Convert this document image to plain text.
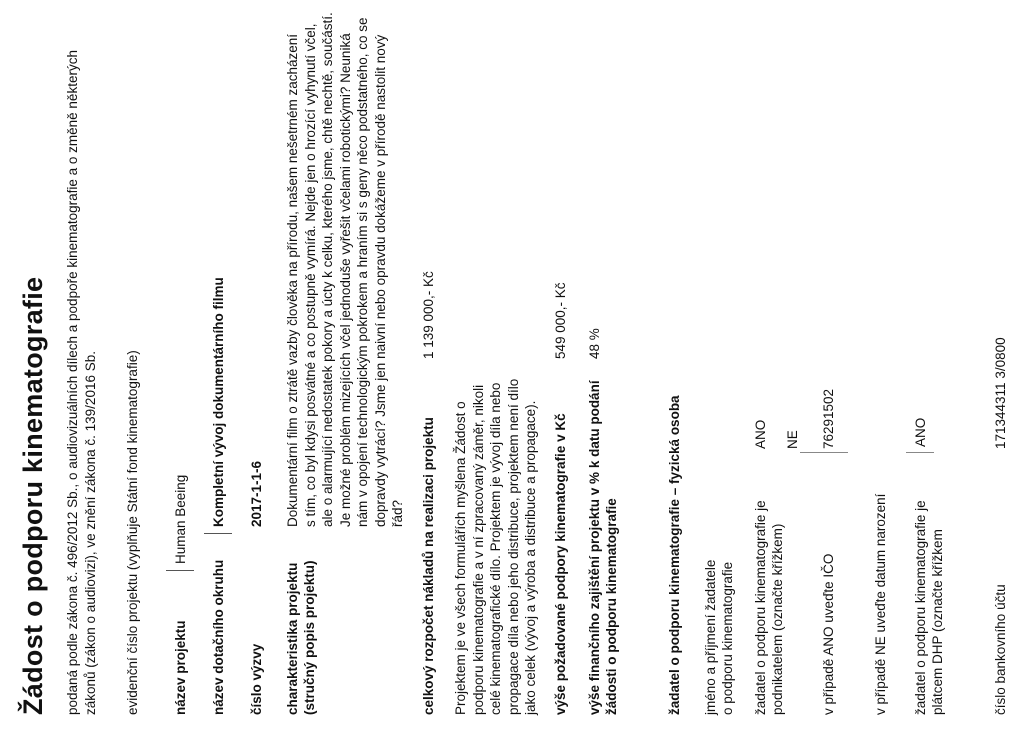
Žádost o podporu kinematografie podaná podle zákona č. 496/2012 Sb., o audiovizuálních dílech a podpoře kinematografie a o změně některých zákonů (zákon o audiovizi), ve znění zákona č. 139/2016 Sb. evidenční číslo projektu (vyplňuje Státní fond kinematografie) název projektu
Human Beeing
název dotačního okruhu
Kompletní vývoj dokumentárního filmu
číslo výzvy
2017-1-1-6
charakteristika projektu (stručný popis projektu)
Dokumentární film o ztrátě vazby člověka na přírodu, našem nešetrném zacházení s tím, co byl kdysi posvátné a co postupně vymírá. Nejde jen o hrozící vyhynutí včel, ale o alarmující nedostatek pokory a úcty k celku, kterého jsme, chtě nechtě, součástí. Je možné problém mizejících včel jednoduše vyřešit včelami robotickými? Neuniká nám v opojení technologickým pokrokem a hraním si s geny něco podstatného, co se dopravdy vytrácí? Jsme jen naivní nebo opravdu dokážeme v přírodě nastolit nový řád? celkový rozpočet nákladů na realizaci projektu
1 139 000,- Kč
Projektem je ve všech formulářích myšlena Žádost o podporu kinematografie a v ní zpracovaný záměr, nikoli celé kinematografické dílo. Projektem je vývoj díla nebo propagace díla nebo jeho distribuce, projektem není dílo jako celek (vývoj a výroba a distribuce a propagace). výše požadované podpory kinematografie v Kč
549 000,- Kč
výše finančního zajištění projektu v % k datu podání žádosti o podporu kinematografie
48 %
žadatel o podporu kinematografie – fyzická osoba jméno a příjmení žadatele o podporu kinematografie žadatel o podporu kinematografie je podnikatelem (označte křížkem)
ANO NE
v případě ANO uveďte IČO
76291502
v případě NE uveďte datum narození žadatel o podporu kinematografie je plátcem DHP (označte křížkem
ANO
číslo bankovního účtu
171344311 3/0800
